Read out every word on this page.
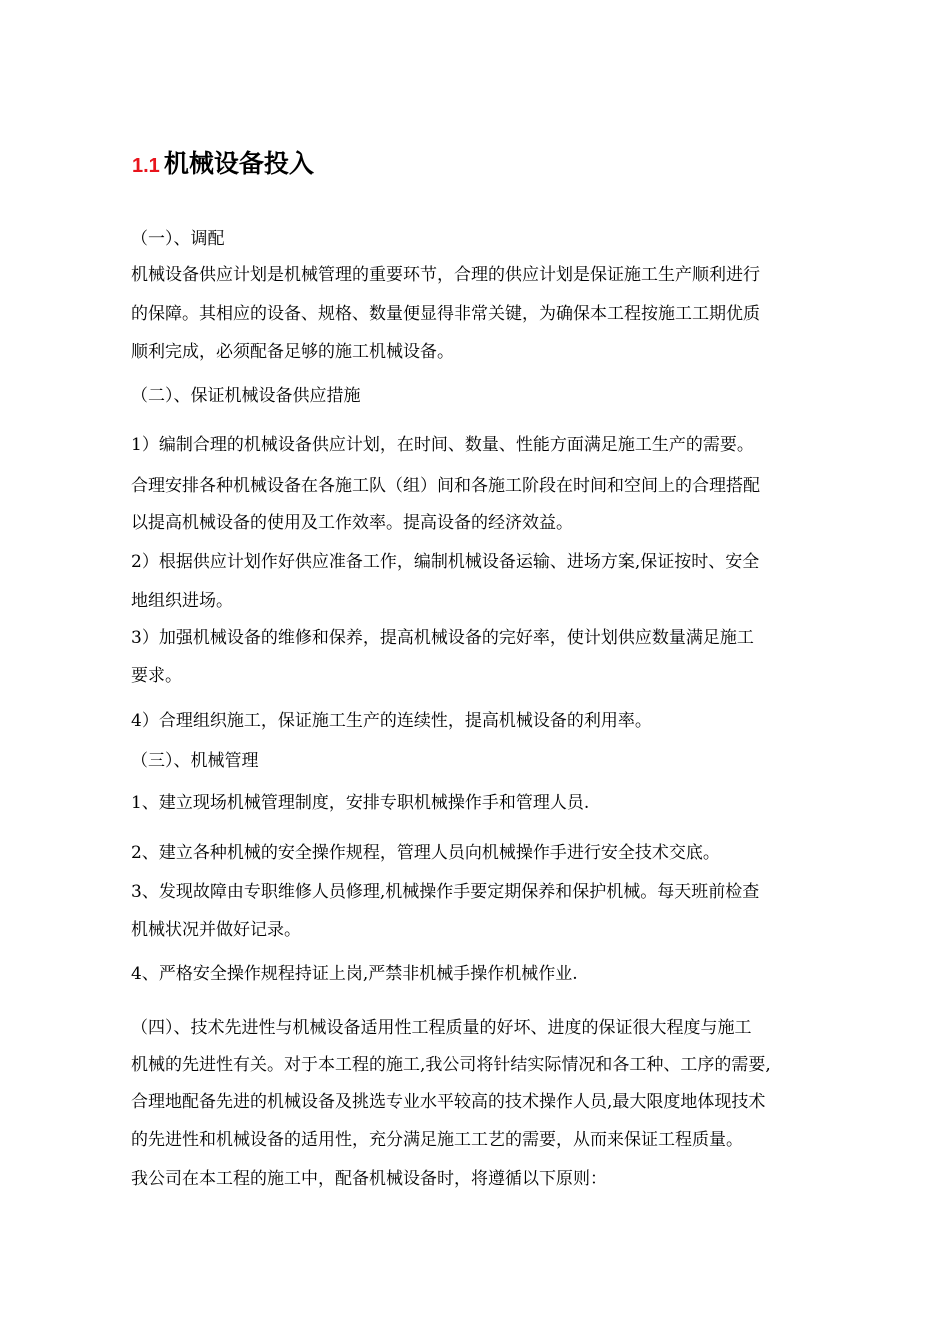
1.1 机械设备投入
（一）、调配
机械设备供应计划是机械管理的重要环节，合理的供应计划是保证施工生产顺利进行
的保障。其相应的设备、规格、数量便显得非常关键，为确保本工程按施工工期优质
顺利完成，必须配备足够的施工机械设备。
（二）、保证机械设备供应措施
1）编制合理的机械设备供应计划，在时间、数量、性能方面满足施工生产的需要。
合理安排各种机械设备在各施工队（组）间和各施工阶段在时间和空间上的合理搭配
以提高机械设备的使用及工作效率。提高设备的经济效益。
2）根据供应计划作好供应准备工作，编制机械设备运输、进场方案,保证按时、安全
地组织进场。
3）加强机械设备的维修和保养，提高机械设备的完好率，使计划供应数量满足施工
要求。
4）合理组织施工，保证施工生产的连续性，提高机械设备的利用率。
（三）、机械管理
1、建立现场机械管理制度，安排专职机械操作手和管理人员.
2、建立各种机械的安全操作规程，管理人员向机械操作手进行安全技术交底。
3、发现故障由专职维修人员修理,机械操作手要定期保养和保护机械。每天班前检查
机械状况并做好记录。
4、严格安全操作规程持证上岗,严禁非机械手操作机械作业.
（四）、技术先进性与机械设备适用性工程质量的好坏、进度的保证很大程度与施工
机械的先进性有关。对于本工程的施工,我公司将针结实际情况和各工种、工序的需要,
合理地配备先进的机械设备及挑选专业水平较高的技术操作人员,最大限度地体现技术
的先进性和机械设备的适用性，充分满足施工工艺的需要，从而来保证工程质量。
我公司在本工程的施工中，配备机械设备时，将遵循以下原则：
